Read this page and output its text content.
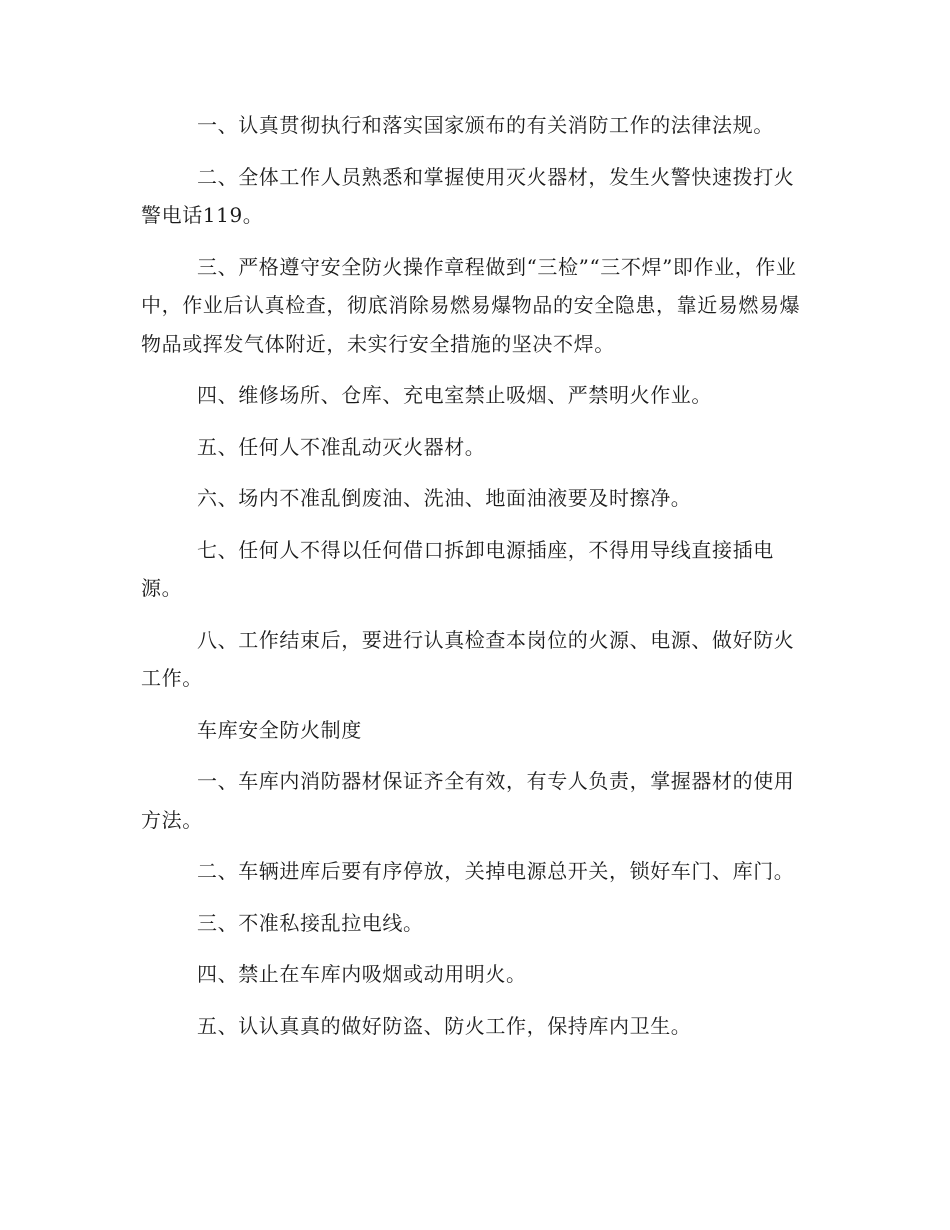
一、认真贯彻执行和落实国家颁布的有关消防工作的法律法规。

二、全体工作人员熟悉和掌握使用灭火器材，发生火警快速拨打火警电话119。

三、严格遵守安全防火操作章程做到“三检”“三不焊”即作业，作业中，作业后认真检查，彻底消除易燃易爆物品的安全隐患，靠近易燃易爆物品或挥发气体附近，未实行安全措施的坚决不焊。

四、维修场所、仓库、充电室禁止吸烟、严禁明火作业。

五、任何人不准乱动灭火器材。

六、场内不准乱倒废油、洗油、地面油液要及时擦净。

七、任何人不得以任何借口拆卸电源插座，不得用导线直接插电源。

八、工作结束后，要进行认真检查本岗位的火源、电源、做好防火工作。

车库安全防火制度

一、车库内消防器材保证齐全有效，有专人负责，掌握器材的使用方法。

二、车辆进库后要有序停放，关掉电源总开关，锁好车门、库门。

三、不准私接乱拉电线。

四、禁止在车库内吸烟或动用明火。

五、认认真真的做好防盗、防火工作，保持库内卫生。
